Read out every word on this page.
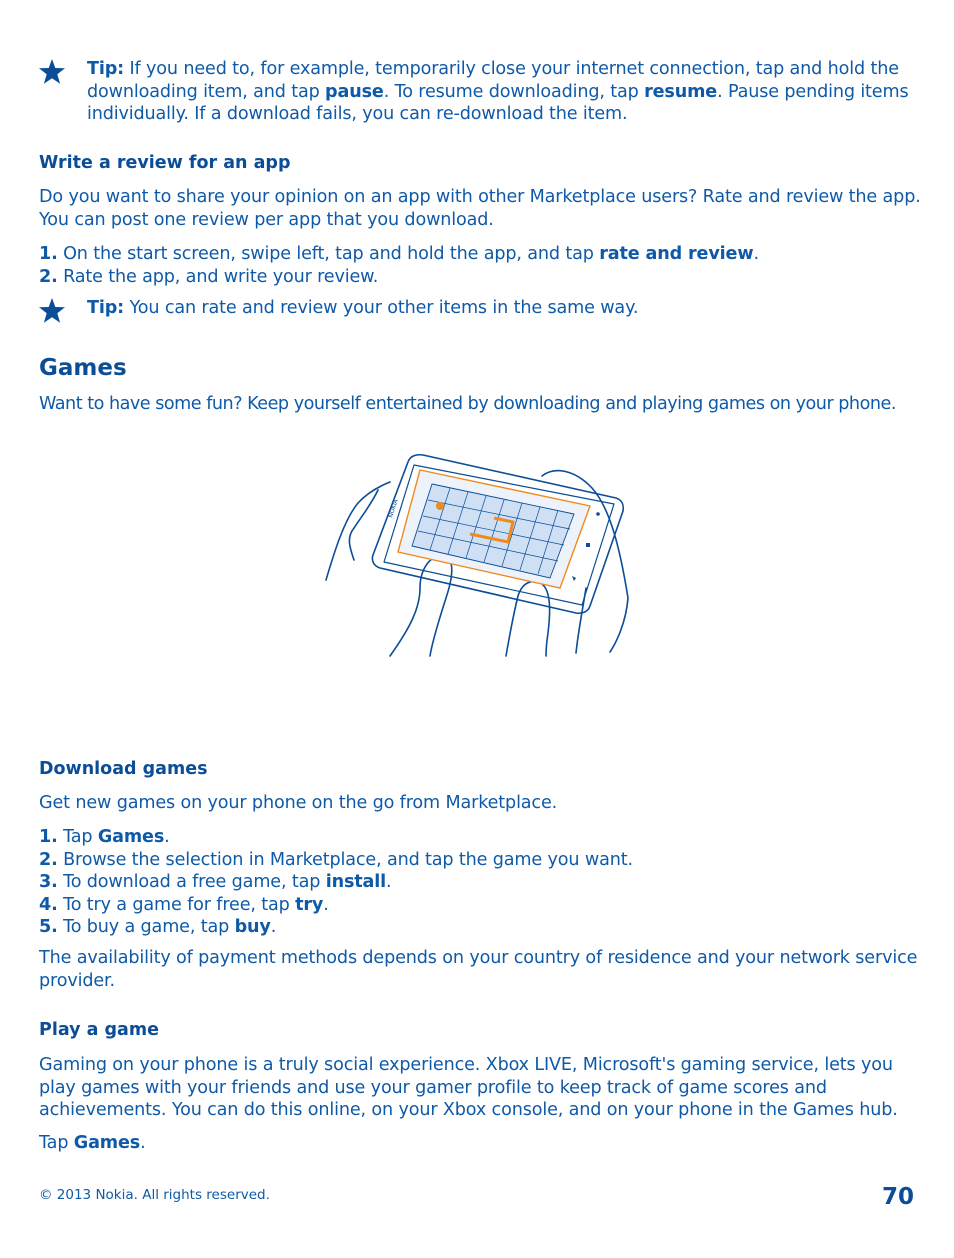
Tip: If you need to, for example, temporarily close your internet connection, tap and hold the downloading item, and tap pause. To resume downloading, tap resume. Pause pending items individually. If a download fails, you can re-download the item.
Write a review for an app
Do you want to share your opinion on an app with other Marketplace users? Rate and review the app. You can post one review per app that you download.
1. On the start screen, swipe left, tap and hold the app, and tap rate and review.
2. Rate the app, and write your review.
Tip: You can rate and review your other items in the same way.
Games
Want to have some fun? Keep yourself entertained by downloading and playing games on your phone.
NOKIA
Download games
Get new games on your phone on the go from Marketplace.
1. Tap Games.
2. Browse the selection in Marketplace, and tap the game you want.
3. To download a free game, tap install.
4. To try a game for free, tap try.
5. To buy a game, tap buy.
The availability of payment methods depends on your country of residence and your network service provider.
Play a game
Gaming on your phone is a truly social experience. Xbox LIVE, Microsoft's gaming service, lets you play games with your friends and use your gamer profile to keep track of game scores and achievements. You can do this online, on your Xbox console, and on your phone in the Games hub.
Tap Games.
© 2013 Nokia. All rights reserved.	70
